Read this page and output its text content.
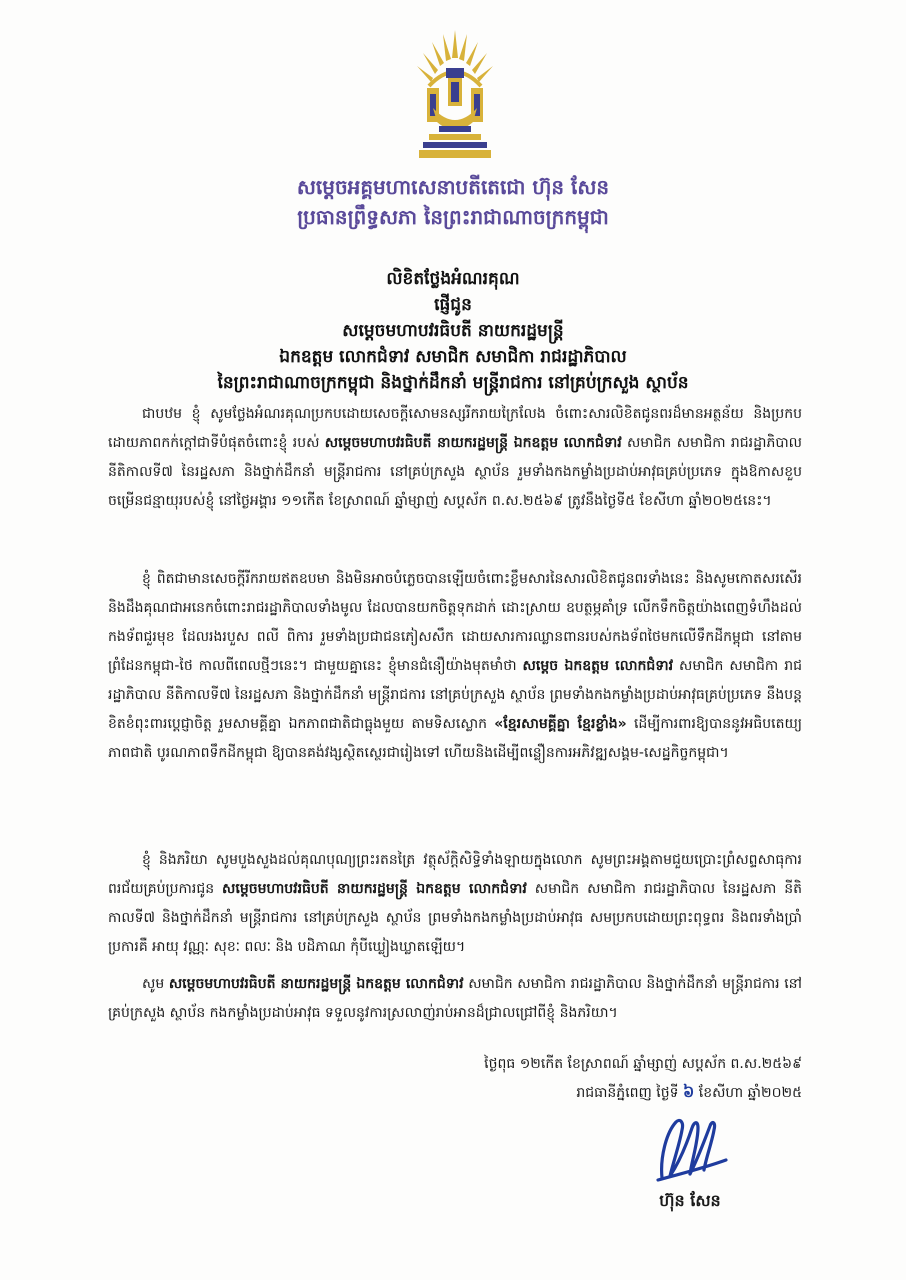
សម្តេចអគ្គមហាសេនាបតីតេជោ ហ៊ុន សែន
ប្រធានព្រឹទ្ធសភា នៃព្រះរាជាណាចក្រកម្ពុជា
លិខិតថ្លែងអំណរគុណ
ផ្ញើជូន
សម្តេចមហាបវរធិបតី នាយករដ្ឋមន្ត្រី
ឯកឧត្តម លោកជំទាវ សមាជិក សមាជិកា រាជរដ្ឋាភិបាល
នៃព្រះរាជាណាចក្រកម្ពុជា និងថ្នាក់ដឹកនាំ មន្ត្រីរាជការ នៅគ្រប់ក្រសួង ស្ថាប័ន
ជាបឋម ខ្ញុំ សូមថ្លែងអំណរគុណប្រកបដោយសេចក្តីសោមនស្សរីករាយក្រៃលែង ចំពោះសារលិខិតជូនពរដ៏មានអត្ថន័យ និងប្រកបដោយភាពកក់ក្តៅជាទីបំផុតចំពោះខ្ញុំ របស់ សម្តេចមហាបវរធិបតី នាយករដ្ឋមន្ត្រី ឯកឧត្តម លោកជំទាវ សមាជិក សមាជិកា រាជរដ្ឋាភិបាល នីតិកាលទី៧ នៃរដ្ឋសភា និងថ្នាក់ដឹកនាំ មន្ត្រីរាជការ នៅគ្រប់ក្រសួង ស្ថាប័ន រួមទាំងកងកម្លាំងប្រដាប់អាវុធគ្រប់ប្រភេទ ក្នុងឱកាសខួបចម្រើនជន្មាយុរបស់ខ្ញុំ នៅថ្ងៃអង្គារ ១១កើត ខែស្រាពណ៍ ឆ្នាំម្សាញ់ សប្តស័ក ព.ស.២៥៦៩ ត្រូវនឹងថ្ងៃទី៥ ខែសីហា ឆ្នាំ២០២៥នេះ។
ខ្ញុំ ពិតជាមានសេចក្តីរីករាយឥតឧបមា និងមិនអាចបំភ្លេចបានឡើយចំពោះខ្លឹមសារនៃសារលិខិតជូនពរទាំងនេះ និងសូមកោតសរសើរ និងដឹងគុណជាអនេកចំពោះរាជរដ្ឋាភិបាលទាំងមូល ដែលបានយកចិត្តទុកដាក់ ដោះស្រាយ ឧបត្ថម្ភគាំទ្រ លើកទឹកចិត្តយ៉ាងពេញទំហឹងដល់កងទ័ពជួរមុខ ដែលរងរបួស ពលី ពិការ រួមទាំងប្រជាជនភៀសសឹក ដោយសារការឈ្លានពានរបស់កងទ័ពថៃមកលើទឹកដីកម្ពុជា នៅតាមព្រំដែនកម្ពុជា-ថៃ កាលពីពេលថ្មីៗនេះ។ ជាមួយគ្នានេះ ខ្ញុំមានជំនឿយ៉ាងមុតមាំថា សម្តេច ឯកឧត្តម លោកជំទាវ សមាជិក សមាជិកា រាជរដ្ឋាភិបាល នីតិកាលទី៧ នៃរដ្ឋសភា និងថ្នាក់ដឹកនាំ មន្ត្រីរាជការ នៅគ្រប់ក្រសួង ស្ថាប័ន ព្រមទាំងកងកម្លាំងប្រដាប់អាវុធគ្រប់ប្រភេទ នឹងបន្តខិតខំពុះពារប្តេជ្ញាចិត្ត រួមសាមគ្គីគ្នា ឯកភាពជាតិជាធ្លុងមួយ តាមទិសស្លោក «ខ្មែរសាមគ្គីគ្នា ខ្មែរខ្លាំង» ដើម្បីការពារឱ្យបាននូវអធិបតេយ្យភាពជាតិ បូរណភាពទឹកដីកម្ពុជា ឱ្យបានគង់វង្សស្ថិតស្ថេរជារៀងទៅ ហើយនិងដើម្បីពន្លឿនការអភិវឌ្ឍសង្គម-សេដ្ឋកិច្ចកម្ពុជា។
ខ្ញុំ និងភរិយា សូមបួងសួងដល់គុណបុណ្យព្រះរតនត្រៃ វត្ថុស័ក្តិសិទ្ធិទាំងឡាយក្នុងលោក សូមព្រះអង្គតាមជួយប្រោះព្រំសព្ទសាធុការពរជ័យគ្រប់ប្រការជូន សម្តេចមហាបវរធិបតី នាយករដ្ឋមន្ត្រី ឯកឧត្តម លោកជំទាវ សមាជិក សមាជិកា រាជរដ្ឋាភិបាល នៃរដ្ឋសភា នីតិកាលទី៧ និងថ្នាក់ដឹកនាំ មន្ត្រីរាជការ នៅគ្រប់ក្រសួង ស្ថាប័ន ព្រមទាំងកងកម្លាំងប្រដាប់អាវុធ សមប្រកបដោយព្រះពុទ្ធពរ និងពរទាំងប្រាំប្រការគឺ អាយុ វណ្ណៈ សុខៈ ពលៈ និង បដិភាណ កុំបីឃ្លៀងឃ្លាតឡើយ។
សូម សម្តេចមហាបវរធិបតី នាយករដ្ឋមន្ត្រី ឯកឧត្តម លោកជំទាវ សមាជិក សមាជិកា រាជរដ្ឋាភិបាល និងថ្នាក់ដឹកនាំ មន្ត្រីរាជការ នៅគ្រប់ក្រសួង ស្ថាប័ន កងកម្លាំងប្រដាប់អាវុធ ទទួលនូវការស្រលាញ់រាប់អានដ៏ជ្រាលជ្រៅពីខ្ញុំ និងភរិយា។
ថ្ងៃពុធ ១២កើត ខែស្រាពណ៍ ឆ្នាំម្សាញ់ សប្តស័ក ព.ស.២៥៦៩
រាជធានីភ្នំពេញ ថ្ងៃទី ៦ ខែសីហា ឆ្នាំ២០២៥
ហ៊ុន សែន
